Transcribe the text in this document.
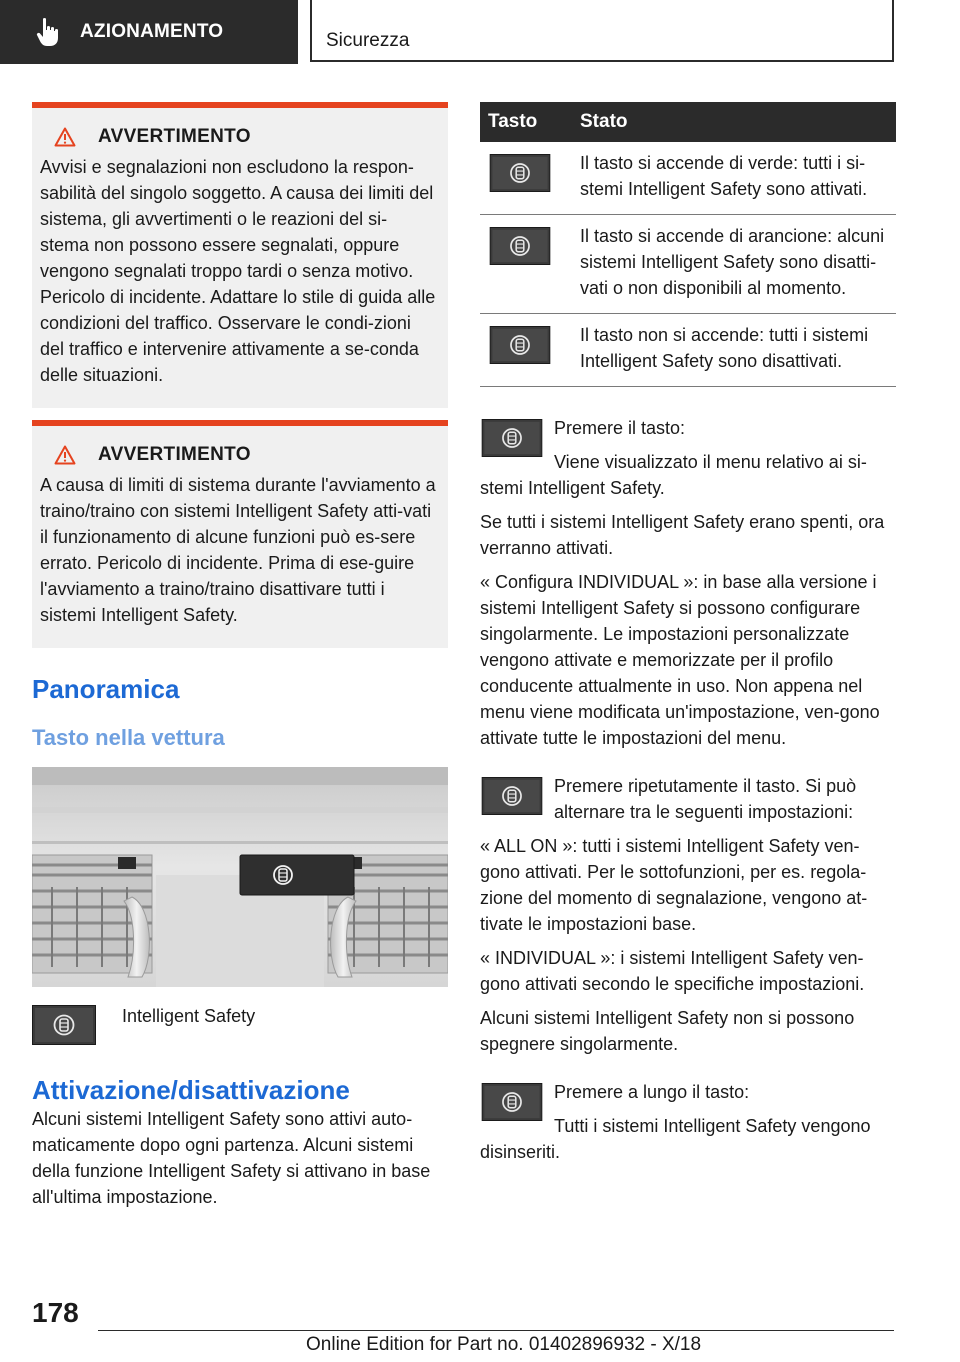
AZIONAMENTO	Sicurezza
AVVERTIMENTO
Avvisi e segnalazioni non escludono la respon-sabilità del singolo soggetto. A causa dei limiti del sistema, gli avvertimenti o le reazioni del si-stema non possono essere segnalati, oppure vengono segnalati troppo tardi o senza motivo. Pericolo di incidente. Adattare lo stile di guida alle condizioni del traffico. Osservare le condi-zioni del traffico e intervenire attivamente a se-conda delle situazioni.
AVVERTIMENTO
A causa di limiti di sistema durante l'avviamento a traino/traino con sistemi Intelligent Safety atti-vati il funzionamento di alcune funzioni può es-sere errato. Pericolo di incidente. Prima di ese-guire l'avviamento a traino/traino disattivare tutti i sistemi Intelligent Safety.
Panoramica
Tasto nella vettura
Intelligent Safety
Attivazione/disattivazione

Alcuni sistemi Intelligent Safety sono attivi auto-maticamente dopo ogni partenza. Alcuni sistemi della funzione Intelligent Safety si attivano in base all'ultima impostazione.

Tasto	Stato

	Il tasto si accende di verde: tutti i si-stemi Intelligent Safety sono attivati.

	Il tasto si accende di arancione: alcuni sistemi Intelligent Safety sono disatti-vati o non disponibili al momento.

	Il tasto non si accende: tutti i sistemi Intelligent Safety sono disattivati.

Premere il tasto:

Viene visualizzato il menu relativo ai si-stemi Intelligent Safety.

Se tutti i sistemi Intelligent Safety erano spenti, ora verranno attivati.

« Configura INDIVIDUAL »: in base alla versione i sistemi Intelligent Safety si possono configurare singolarmente. Le impostazioni personalizzate vengono attivate e memorizzate per il profilo conducente attualmente in uso. Non appena nel menu viene modificata un'impostazione, ven-gono attivate tutte le impostazioni del menu.

Premere ripetutamente il tasto. Si può alternare tra le seguenti impostazioni:

« ALL ON »: tutti i sistemi Intelligent Safety ven-gono attivati. Per le sottofunzioni, per es. regola-zione del momento di segnalazione, vengono at-tivate le impostazioni base.

« INDIVIDUAL »: i sistemi Intelligent Safety ven-gono attivati secondo le specifiche impostazioni.

Alcuni sistemi Intelligent Safety non si possono spegnere singolarmente.

Premere a lungo il tasto:

Tutti i sistemi Intelligent Safety vengono disinseriti.

178
Online Edition for Part no. 01402896932 - X/18
